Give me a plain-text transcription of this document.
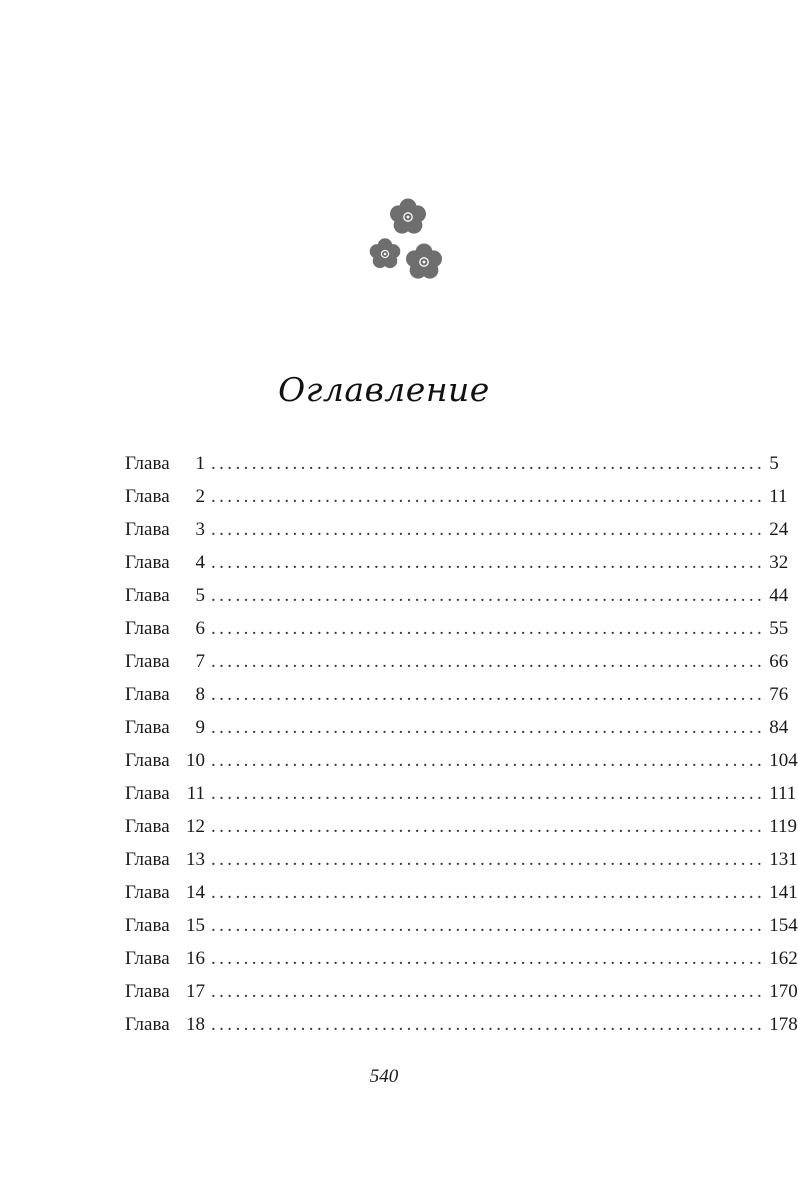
Оглавление
Глава	1 .................................................................... 5
Глава	2 .................................................................... 11
Глава	3 .................................................................... 24
Глава	4 .................................................................... 32
Глава	5 .................................................................... 44
Глава	6 .................................................................... 55
Глава	7 .................................................................... 66
Глава	8 .................................................................... 76
Глава	9 .................................................................... 84
Глава 10 .................................................................... 104
Глава 11 .................................................................... 111
Глава 12 .................................................................... 119
Глава 13 .................................................................... 131
Глава 14 .................................................................... 141
Глава 15 .................................................................... 154
Глава 16 .................................................................... 162
Глава 17 .................................................................... 170
Глава 18 .................................................................... 178
540
